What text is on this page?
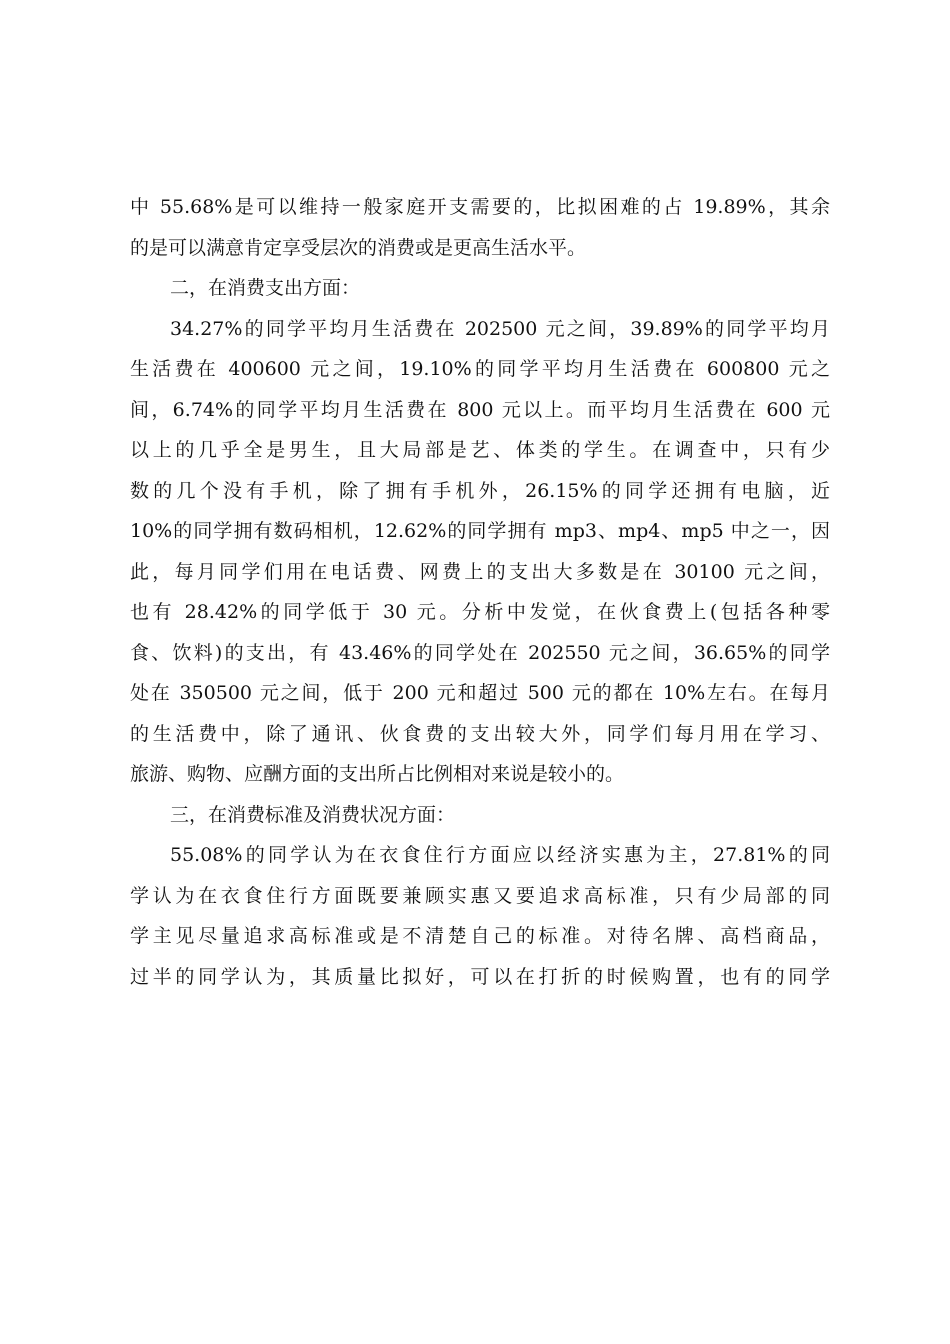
中 55.68%是可以维持一般家庭开支需要的，比拟困难的占 19.89%，其余
的是可以满意肯定享受层次的消费或是更高生活水平。
二，在消费支出方面：
34.27%的同学平均月生活费在 202500 元之间，39.89%的同学平均月
生活费在 400600 元之间，19.10%的同学平均月生活费在 600800 元之
间，6.74%的同学平均月生活费在 800 元以上。而平均月生活费在 600 元
以上的几乎全是男生，且大局部是艺、体类的学生。在调查中，只有少
数的几个没有手机，除了拥有手机外，26.15%的同学还拥有电脑，近
10%的同学拥有数码相机，12.62%的同学拥有 mp3、mp4、mp5 中之一，因
此，每月同学们用在电话费、网费上的支出大多数是在 30100 元之间，
也有 28.42%的同学低于 30 元。分析中发觉，在伙食费上(包括各种零
食、饮料)的支出，有 43.46%的同学处在 202550 元之间，36.65%的同学
处在 350500 元之间，低于 200 元和超过 500 元的都在 10%左右。在每月
的生活费中，除了通讯、伙食费的支出较大外，同学们每月用在学习、
旅游、购物、应酬方面的支出所占比例相对来说是较小的。
三，在消费标准及消费状况方面：
55.08%的同学认为在衣食住行方面应以经济实惠为主，27.81%的同
学认为在衣食住行方面既要兼顾实惠又要追求高标准，只有少局部的同
学主见尽量追求高标准或是不清楚自己的标准。对待名牌、高档商品，
过半的同学认为，其质量比拟好，可以在打折的时候购置，也有的同学
